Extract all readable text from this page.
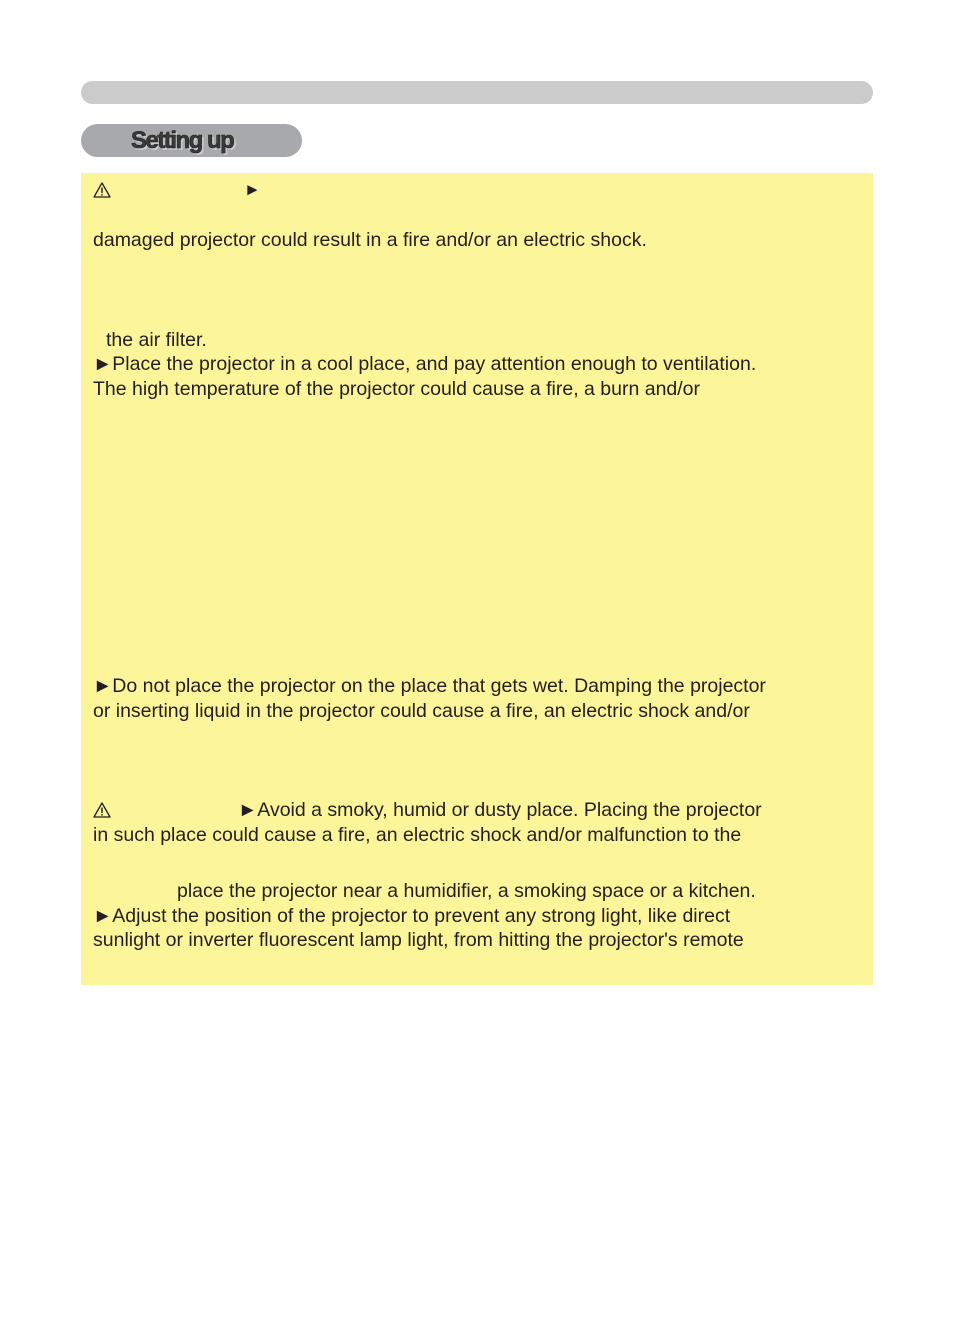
Setting up
►
damaged projector could result in a fire and/or an electric shock.
the air filter.
►Place the projector in a cool place, and pay attention enough to ventilation.
The high temperature of the projector could cause a fire, a burn and/or
►Do not place the projector on the place that gets wet. Damping the projector
or inserting liquid in the projector could cause a fire, an electric shock and/or
►Avoid a smoky, humid or dusty place. Placing the projector
in such place could cause a fire, an electric shock and/or malfunction to the
place the projector near a humidifier, a smoking space or a kitchen.
►Adjust the position of the projector to prevent any strong light, like direct
sunlight or inverter fluorescent lamp light, from hitting the projector's remote
